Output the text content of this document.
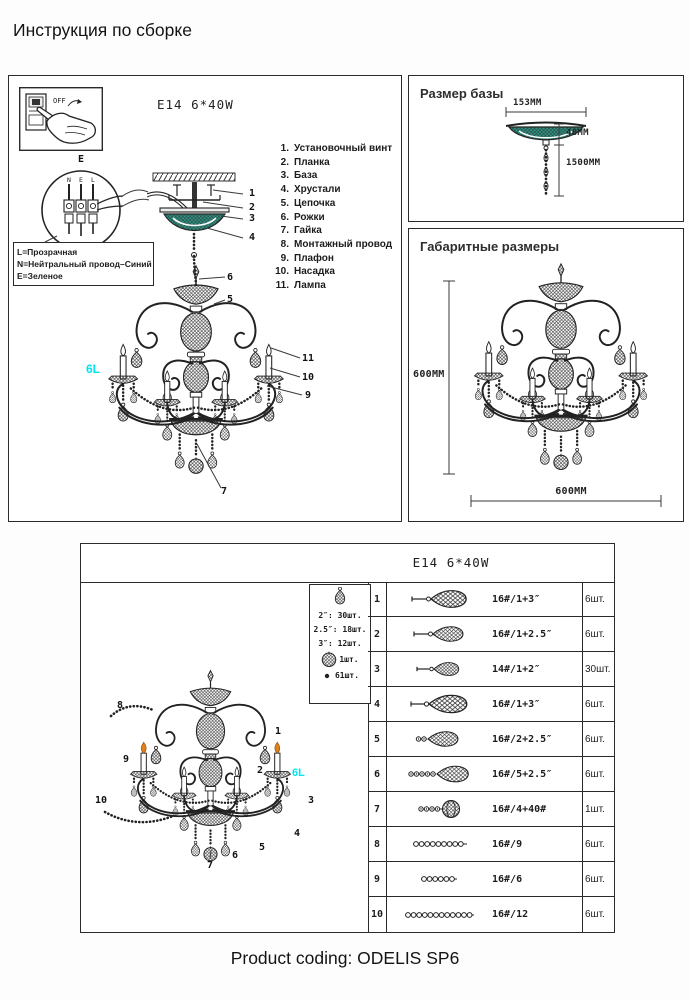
Инструкция по сборке
E14 6*40W
OFF
N E L
E
L=Прозрачная
N=Нейтральный провод–Синий
E=Зеленое
1
2
3
4
1. Установочный винт
2. Планка
3. База
4. Хрустали
5. Цепочка
6. Рожки
7. Гайка
8. Монтажный провод
9. Плафон
10. Насадка
11. Лампа
6
5
11
10
9
7
6L
Размер базы
153MM
46MM
1500MM
Габаритные размеры
600MM
600MM
E14 6*40W
8
9
10
1
2
3
4
5
6
7
6L
2″: 30шт.
2.5″: 18шт.
3″: 12шт.
1шт.
61шт.
1	16#/1+3″	6шт.
2	16#/1+2.5″	6шт.
3	14#/1+2″	30шт.
4	16#/1+3″	6шт.
5	16#/2+2.5″	6шт.
6	16#/5+2.5″	6шт.
7	16#/4+40#	1шт.
8	16#/9	6шт.
9	16#/6	6шт.
10	16#/12	6шт.
Product coding: ODELIS SP6
